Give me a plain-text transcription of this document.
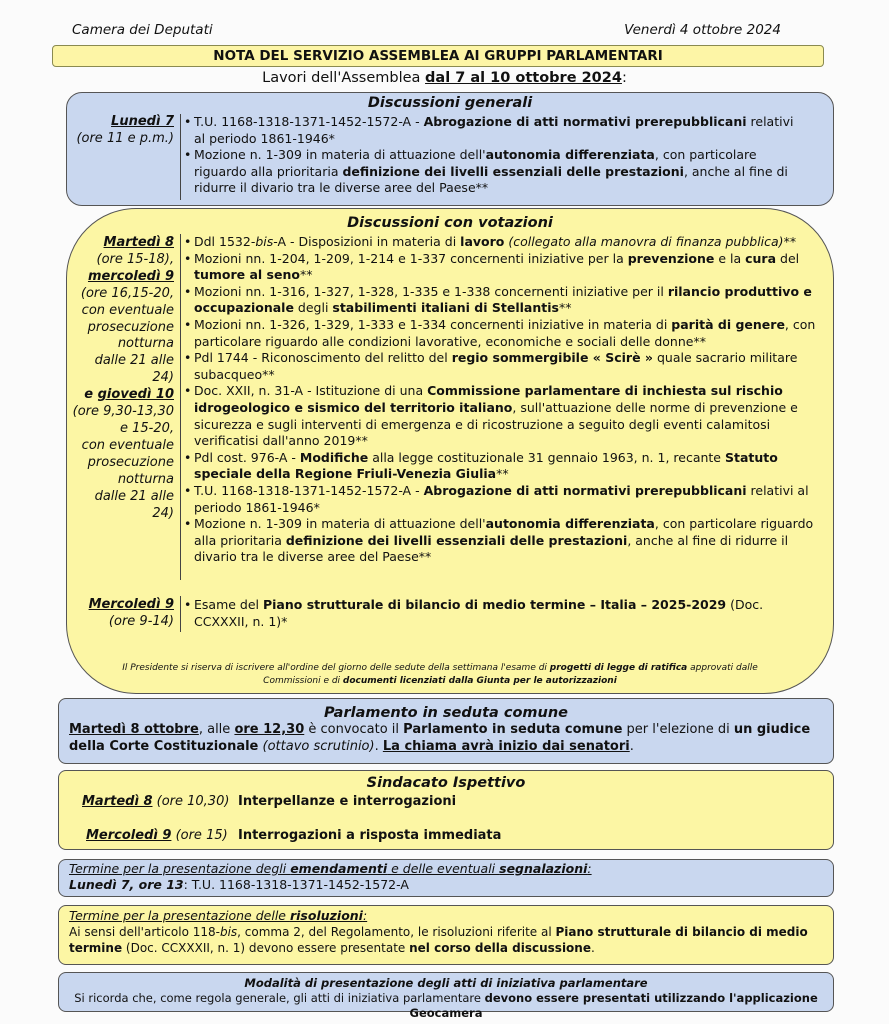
Camera dei Deputati	Venerdì 4 ottobre 2024
NOTA DEL SERVIZIO ASSEMBLEA AI GRUPPI PARLAMENTARI
Lavori dell'Assemblea dal 7 al 10 ottobre 2024:
Discussioni generali
Lunedì 7
(ore 11 e p.m.)
• T.U. 1168-1318-1371-1452-1572-A - Abrogazione di atti normativi prerepubblicani relativi al periodo 1861-1946*
• Mozione n. 1-309 in materia di attuazione dell'autonomia differenziata, con particolare riguardo alla prioritaria definizione dei livelli essenziali delle prestazioni, anche al fine di ridurre il divario tra le diverse aree del Paese**
Discussioni con votazioni
Martedì 8
(ore 15-18),
mercoledì 9
(ore 16,15-20,
con eventuale
prosecuzione
notturna
dalle 21 alle 24)
e giovedì 10
(ore 9,30-13,30
e 15-20,
con eventuale
prosecuzione
notturna
dalle 21 alle 24)
• Ddl 1532-bis-A - Disposizioni in materia di lavoro (collegato alla manovra di finanza pubblica)**
• Mozioni nn. 1-204, 1-209, 1-214 e 1-337 concernenti iniziative per la prevenzione e la cura del tumore al seno**
• Mozioni nn. 1-316, 1-327, 1-328, 1-335 e 1-338 concernenti iniziative per il rilancio produttivo e occupazionale degli stabilimenti italiani di Stellantis**
• Mozioni nn. 1-326, 1-329, 1-333 e 1-334 concernenti iniziative in materia di parità di genere, con particolare riguardo alle condizioni lavorative, economiche e sociali delle donne**
• Pdl 1744 - Riconoscimento del relitto del regio sommergibile « Scirè » quale sacrario militare subacqueo**
• Doc. XXII, n. 31-A - Istituzione di una Commissione parlamentare di inchiesta sul rischio idrogeologico e sismico del territorio italiano, sull'attuazione delle norme di prevenzione e sicurezza e sugli interventi di emergenza e di ricostruzione a seguito degli eventi calamitosi verificatisi dall'anno 2019**
• Pdl cost. 976-A - Modifiche alla legge costituzionale 31 gennaio 1963, n. 1, recante Statuto speciale della Regione Friuli-Venezia Giulia**
• T.U. 1168-1318-1371-1452-1572-A - Abrogazione di atti normativi prerepubblicani relativi al periodo 1861-1946*
• Mozione n. 1-309 in materia di attuazione dell'autonomia differenziata, con particolare riguardo alla prioritaria definizione dei livelli essenziali delle prestazioni, anche al fine di ridurre il divario tra le diverse aree del Paese**
Mercoledì 9
(ore 9-14)
• Esame del Piano strutturale di bilancio di medio termine – Italia – 2025-2029 (Doc. CCXXXII, n. 1)*
Il Presidente si riserva di iscrivere all'ordine del giorno delle sedute della settimana l'esame di progetti di legge di ratifica approvati dalle
Commissioni e di documenti licenziati dalla Giunta per le autorizzazioni
Parlamento in seduta comune
Martedì 8 ottobre, alle ore 12,30 è convocato il Parlamento in seduta comune per l'elezione di un giudice della Corte Costituzionale (ottavo scrutinio). La chiama avrà inizio dai senatori.
Sindacato Ispettivo
Martedì 8 (ore 10,30) Interpellanze e interrogazioni
Mercoledì 9 (ore 15) Interrogazioni a risposta immediata
Termine per la presentazione degli emendamenti e delle eventuali segnalazioni:
Lunedì 7, ore 13: T.U. 1168-1318-1371-1452-1572-A
Termine per la presentazione delle risoluzioni:
Ai sensi dell'articolo 118-bis, comma 2, del Regolamento, le risoluzioni riferite al Piano strutturale di bilancio di medio termine (Doc. CCXXXII, n. 1) devono essere presentate nel corso della discussione.
Modalità di presentazione degli atti di iniziativa parlamentare
Si ricorda che, come regola generale, gli atti di iniziativa parlamentare devono essere presentati utilizzando l'applicazione Geocamera
